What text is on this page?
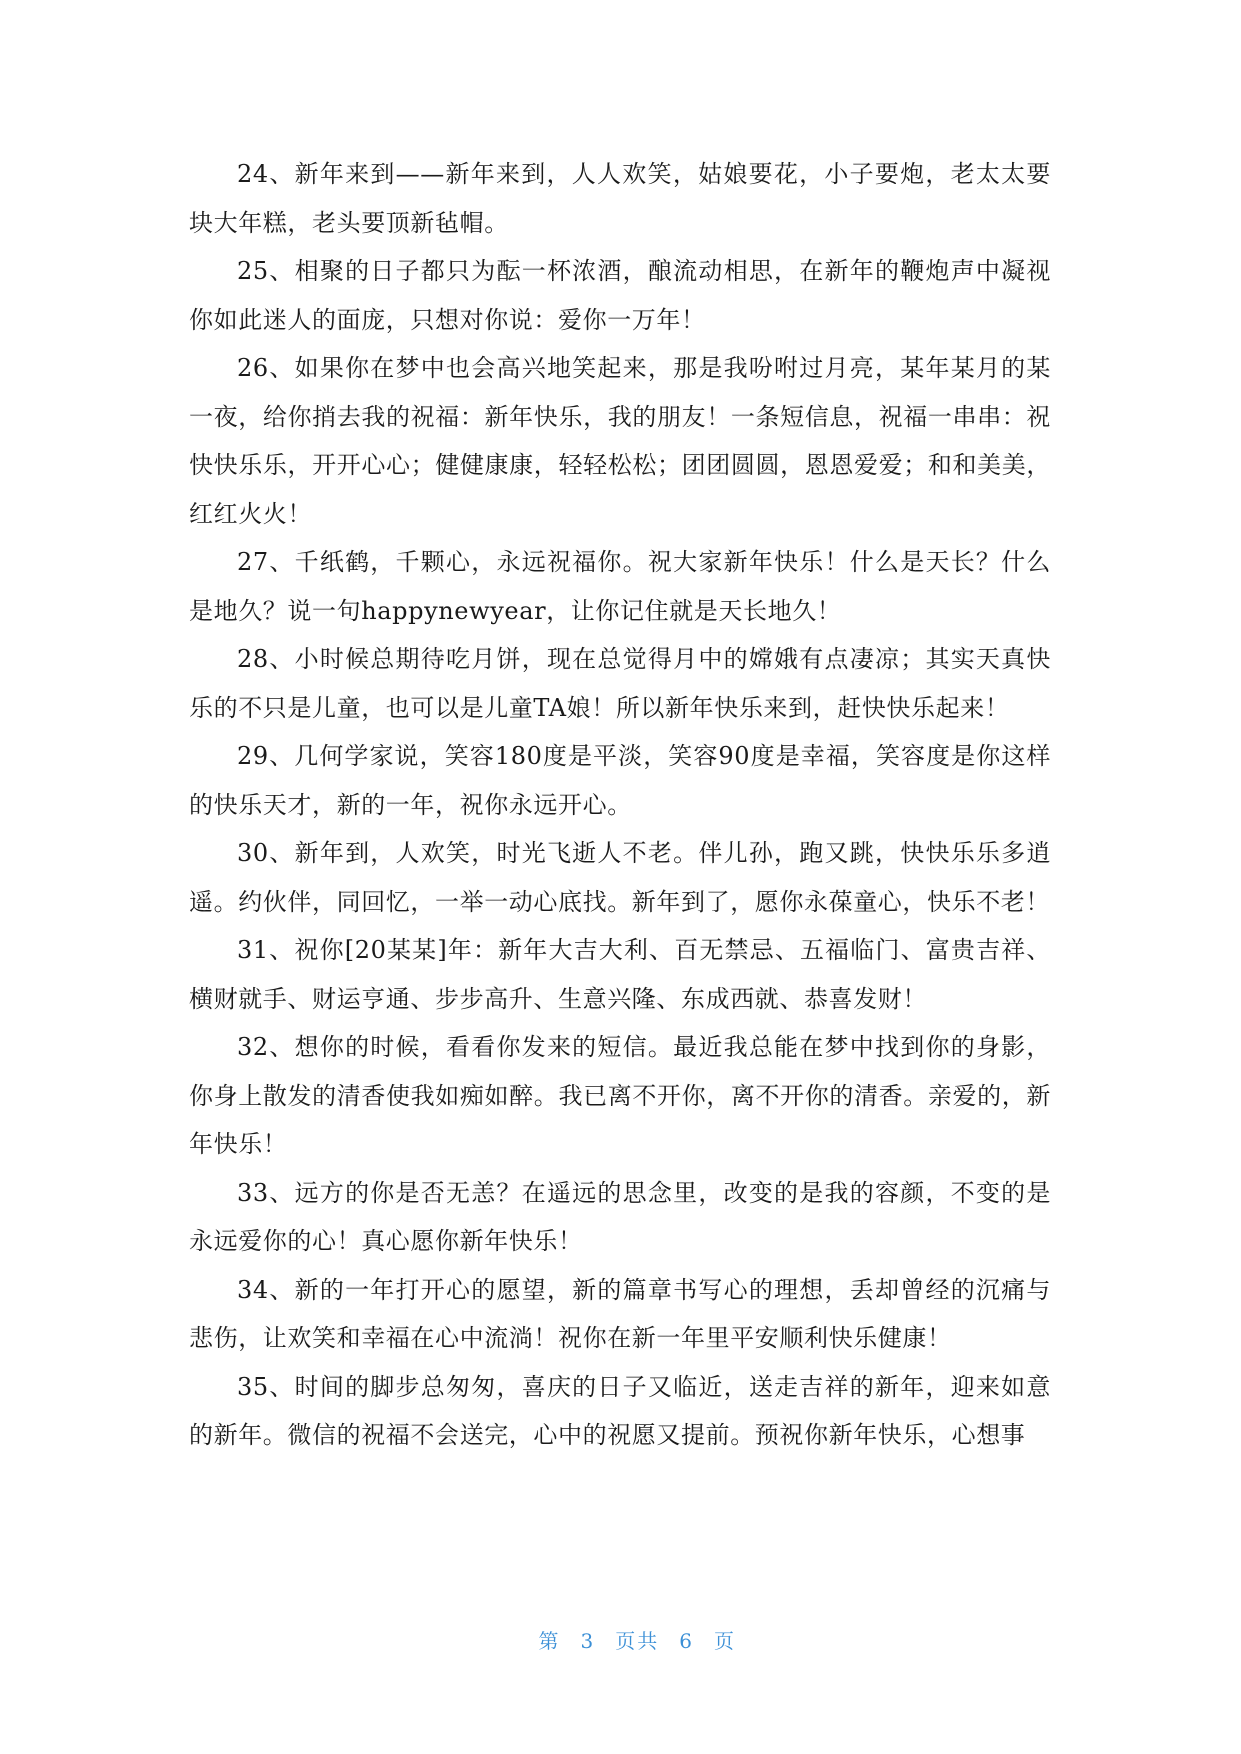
24、新年来到——新年来到，人人欢笑，姑娘要花，小子要炮，老太太要块大年糕，老头要顶新毡帽。

25、相聚的日子都只为酝一杯浓酒，酿流动相思，在新年的鞭炮声中凝视你如此迷人的面庞，只想对你说：爱你一万年！

26、如果你在梦中也会高兴地笑起来，那是我吩咐过月亮，某年某月的某一夜，给你捎去我的祝福：新年快乐，我的朋友！一条短信息，祝福一串串：祝快快乐乐，开开心心；健健康康，轻轻松松；团团圆圆，恩恩爱爱；和和美美，红红火火！

27、千纸鹤，千颗心，永远祝福你。祝大家新年快乐！什么是天长？什么是地久？说一句happynewyear，让你记住就是天长地久！

28、小时候总期待吃月饼，现在总觉得月中的嫦娥有点凄凉；其实天真快乐的不只是儿童，也可以是儿童TA娘！所以新年快乐来到，赶快快乐起来！

29、几何学家说，笑容180度是平淡，笑容90度是幸福，笑容度是你这样的快乐天才，新的一年，祝你永远开心。

30、新年到，人欢笑，时光飞逝人不老。伴儿孙，跑又跳，快快乐乐多逍遥。约伙伴，同回忆，一举一动心底找。新年到了，愿你永葆童心，快乐不老！

31、祝你[20某某]年：新年大吉大利、百无禁忌、五福临门、富贵吉祥、横财就手、财运亨通、步步高升、生意兴隆、东成西就、恭喜发财！

32、想你的时候，看看你发来的短信。最近我总能在梦中找到你的身影，你身上散发的清香使我如痴如醉。我已离不开你，离不开你的清香。亲爱的，新年快乐！

33、远方的你是否无恙？在遥远的思念里，改变的是我的容颜，不变的是永远爱你的心！真心愿你新年快乐！

34、新的一年打开心的愿望，新的篇章书写心的理想，丢却曾经的沉痛与悲伤，让欢笑和幸福在心中流淌！祝你在新一年里平安顺利快乐健康！

35、时间的脚步总匆匆，喜庆的日子又临近，送走吉祥的新年，迎来如意的新年。微信的祝福不会送完，心中的祝愿又提前。预祝你新年快乐，心想事

第 3 页共 6 页
